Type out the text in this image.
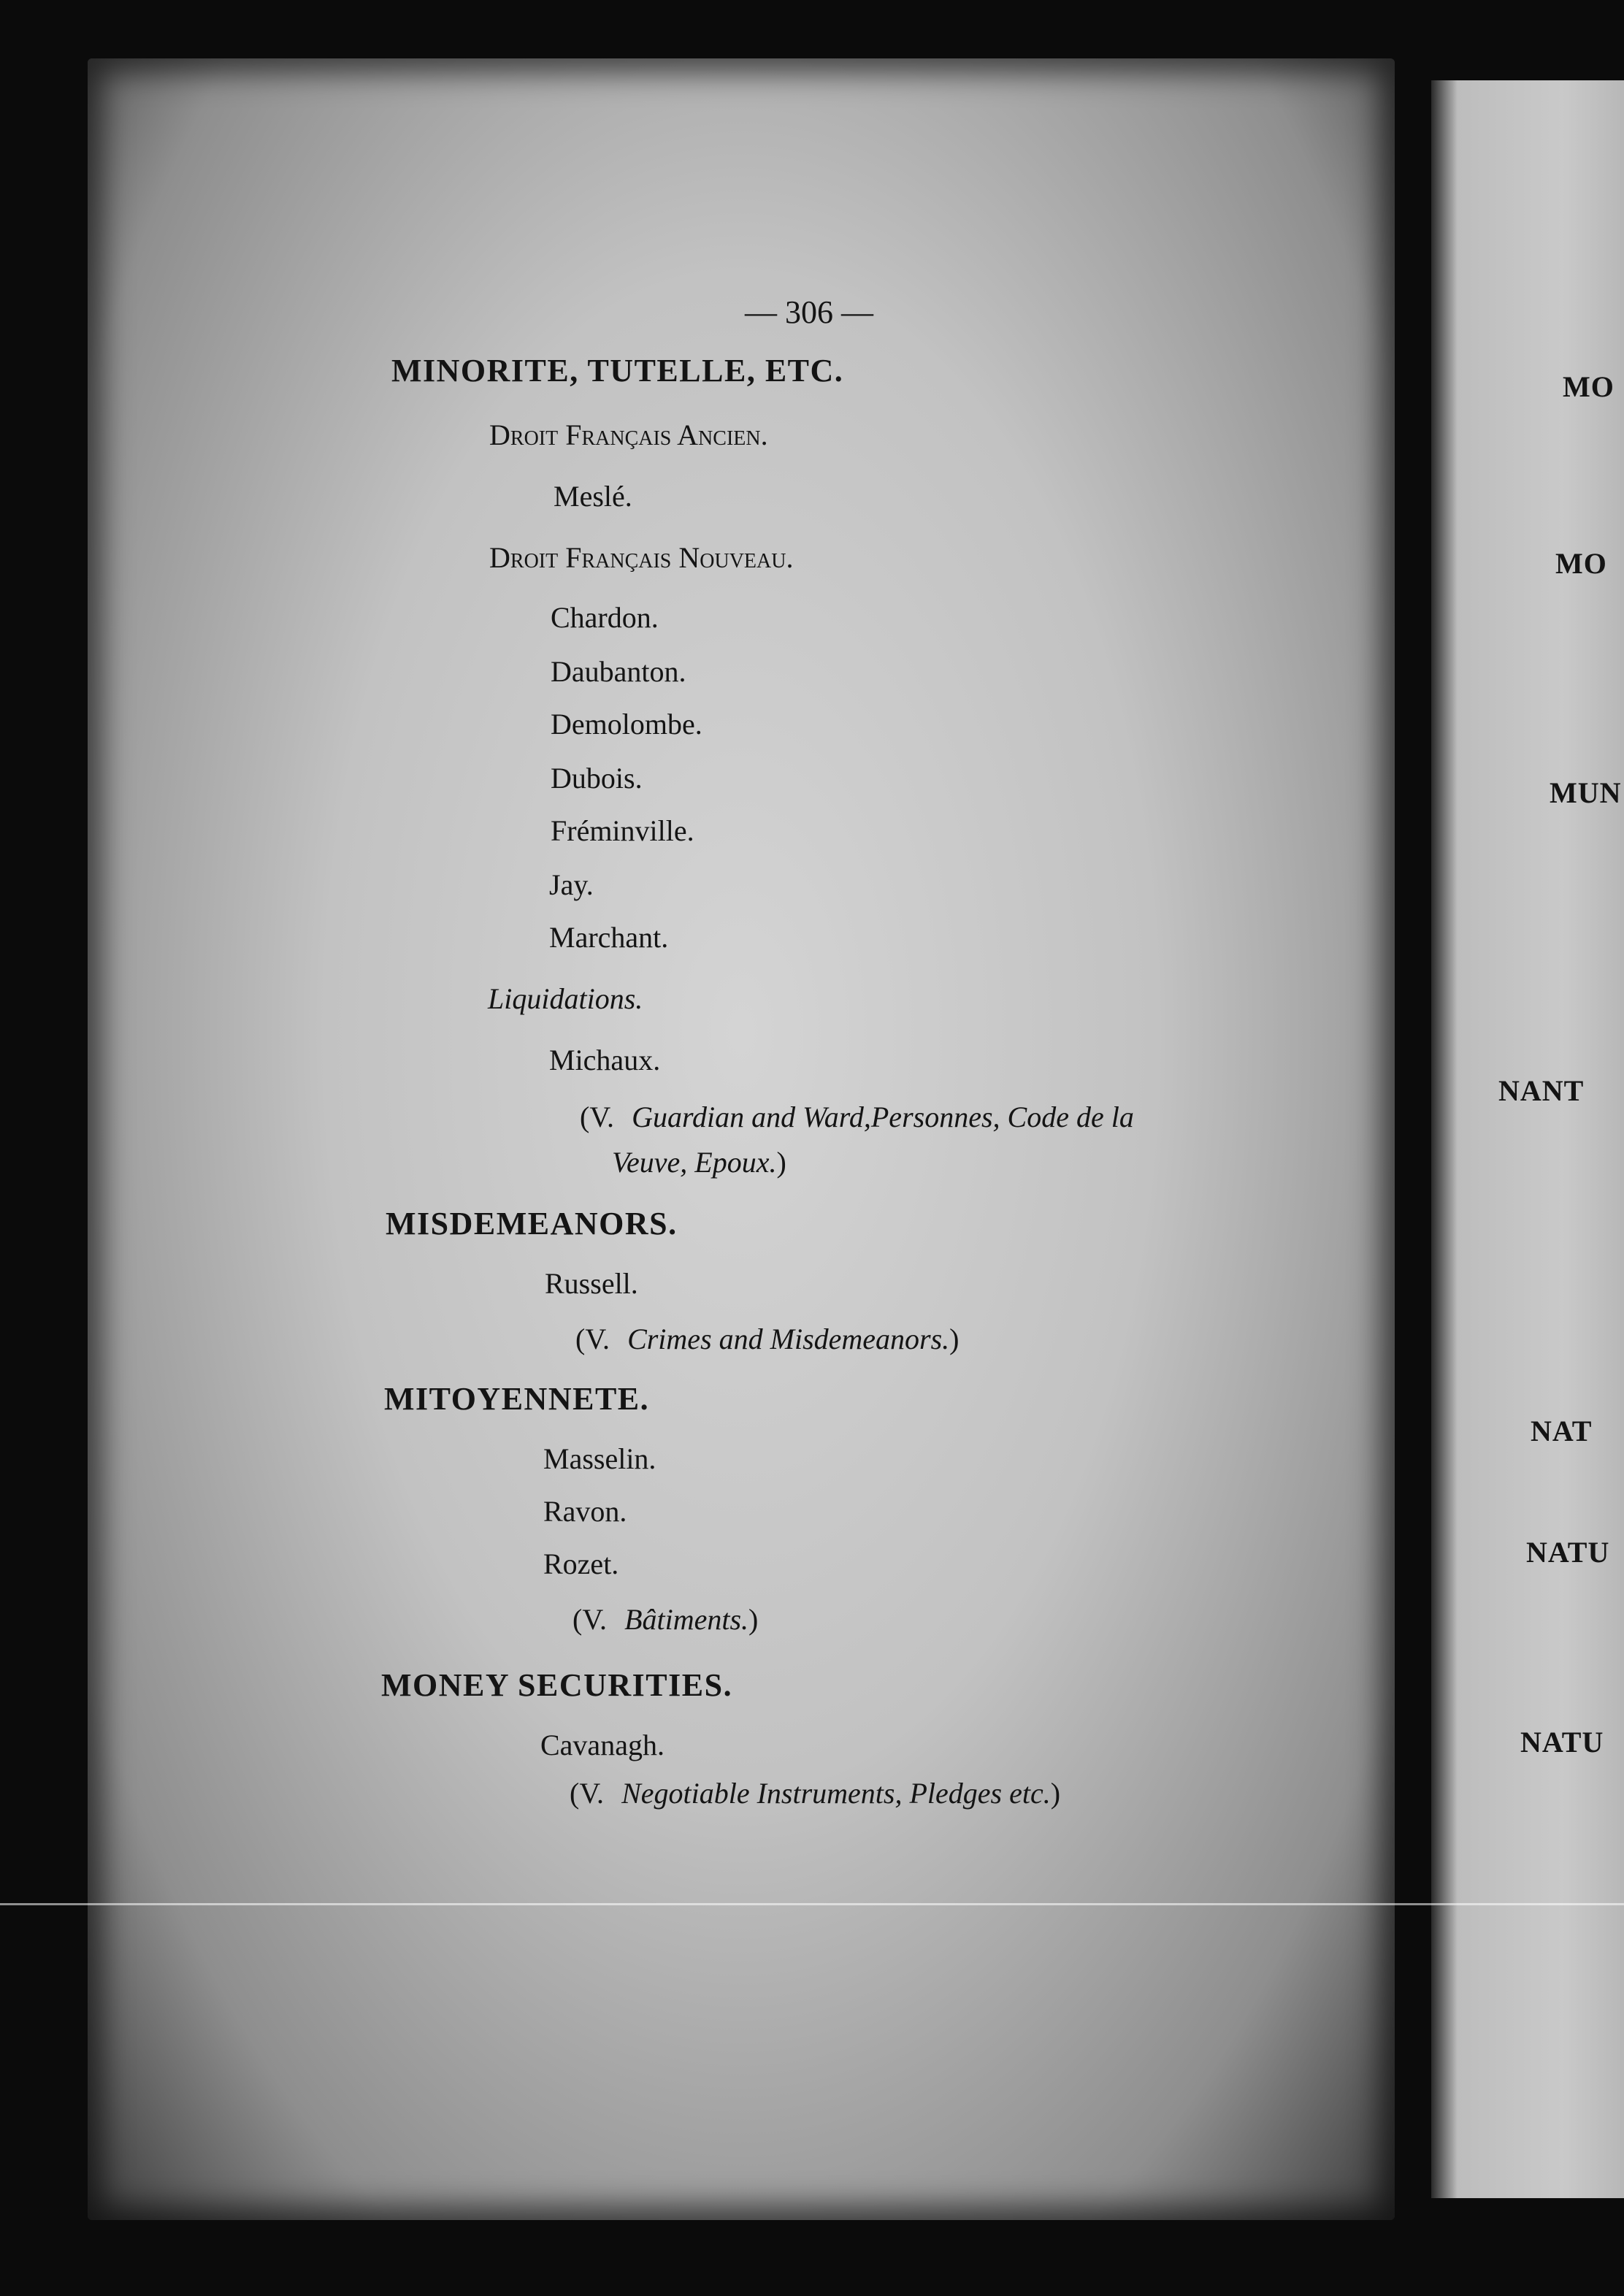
— 306 —
MINORITE, TUTELLE, ETC.
Droit Français Ancien.
Meslé.
Droit Français Nouveau.
Chardon.
Daubanton.
Demolombe.
Dubois.
Fréminville.
Jay.
Marchant.
Liquidations.
Michaux.
(V. Guardian and Ward,Personnes, Code de la
Veuve, Epoux.)
MISDEMEANORS.
Russell.
(V. Crimes and Misdemeanors.)
MITOYENNETE.
Masselin.
Ravon.
Rozet.
(V. Bâtiments.)
MONEY SECURITIES.
Cavanagh.
(V. Negotiable Instruments, Pledges etc.)
MO
MO
MUN
NANT
NAT
NATU
NATU
